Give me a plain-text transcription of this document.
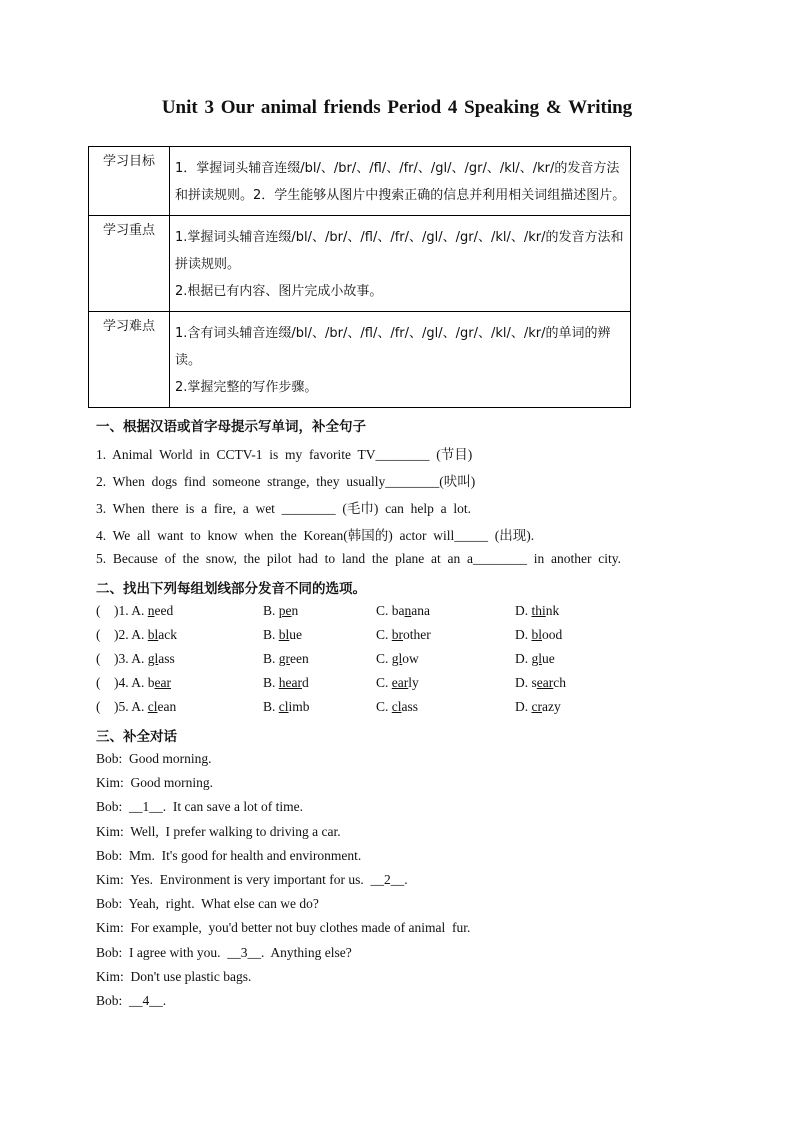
Unit 3 Our animal friends Period 4 Speaking & Writing
学习目标	1．掌握词头辅音连缀/bl/、/br/、/fl/、/fr/、/gl/、/gr/、/kl/、/kr/的发音方法和拼读规则。2．学生能够从图片中搜索正确的信息并利用相关词组描述图片。

学习重点	1.掌握词头辅音连缀/bl/、/br/、/fl/、/fr/、/gl/、/gr/、/kl/、/kr/的发音方法和拼读规则。
2.根据已有内容、图片完成小故事。

学习难点	1.含有词头辅音连缀/bl/、/br/、/fl/、/fr/、/gl/、/gr/、/kl/、/kr/的单词的辨读。
2.掌握完整的写作步骤。
一、根据汉语或首字母提示写单词，补全句子
1.  Animal  World  in  CCTV-1  is  my  favorite  TV________  (节目)
2.  When  dogs  find  someone  strange,  they  usually________(吠叫)
3.  When  there  is  a  fire,  a  wet  ________  (毛巾)  can  help  a  lot.
4.  We  all  want  to  know  when  the  Korean(韩国的)  actor  will_____  (出现).
5.  Because  of  the  snow,  the  pilot  had  to  land  the  plane  at  an  a________  in  another  city.
二、找出下列每组划线部分发音不同的选项。
(    )1. A. need	B. pen	C. banana	D. think
(    )2. A. black	B. blue	C. brother	D. blood
(    )3. A. glass	B. green	C. glow	D. glue
(    )4. A. bear	B. heard	C. early	D. search
(    )5. A. clean	B. climb	C. class	D. crazy
三、补全对话
Bob:  Good morning.
Kim:  Good morning.
Bob:  __1__.  It can save a lot of time.
Kim:  Well,  I prefer walking to driving a car.
Bob:  Mm.  It's good for health and environment.
Kim:  Yes.  Environment is very important for us.  __2__.
Bob:  Yeah,  right.  What else can we do?
Kim:  For example,  you'd better not buy clothes made of animal  fur.
Bob:  I agree with you.  __3__.  Anything else?
Kim:  Don't use plastic bags.
Bob:  __4__.
